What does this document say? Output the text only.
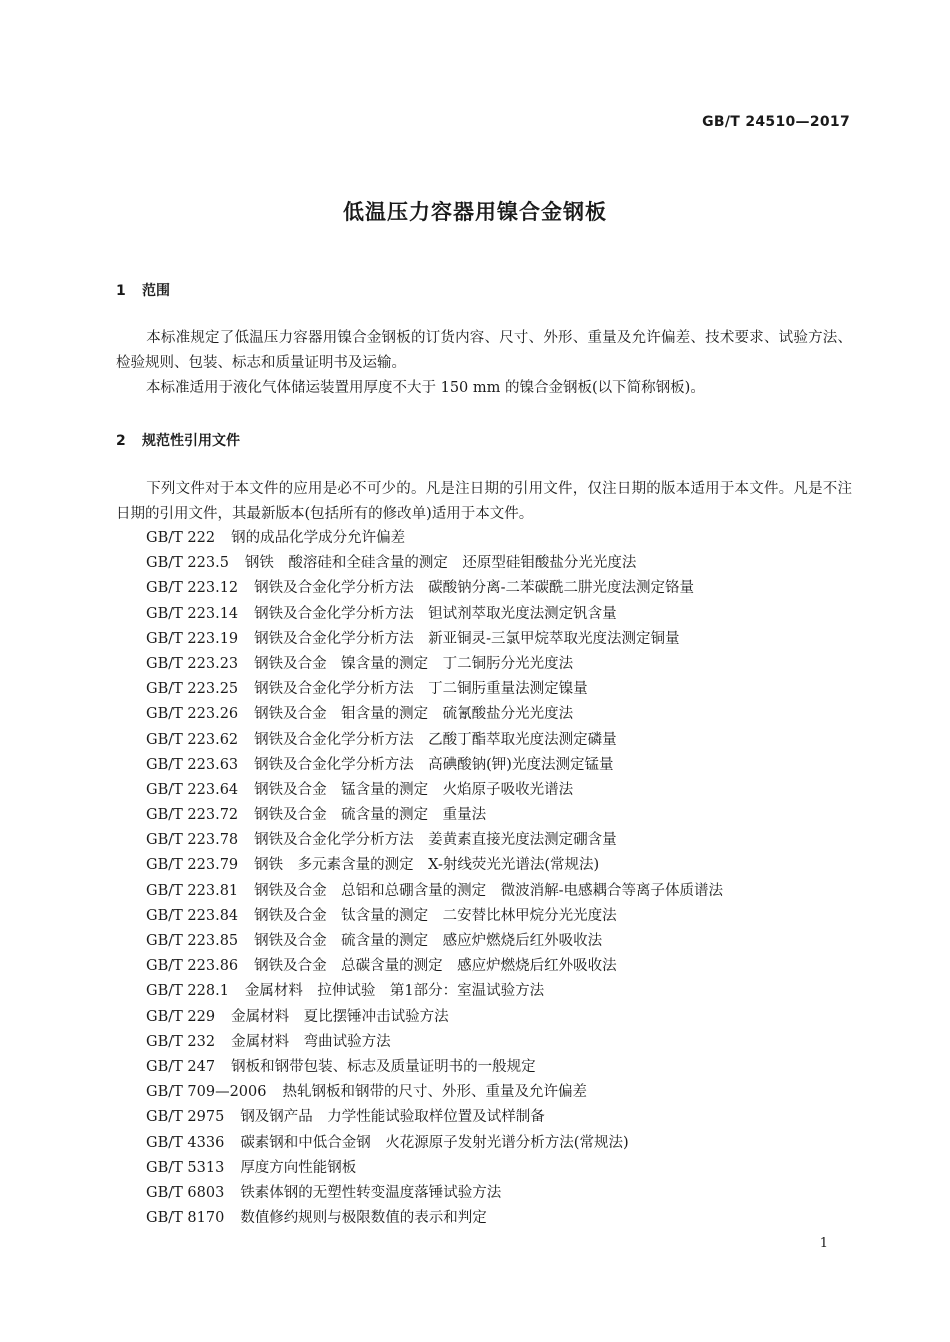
GB/T 24510—2017
低温压力容器用镍合金钢板
1 范围
本标准规定了低温压力容器用镍合金钢板的订货内容、尺寸、外形、重量及允许偏差、技术要求、试验方法、检验规则、包装、标志和质量证明书及运输。
本标准适用于液化气体储运装置用厚度不大于 150 mm 的镍合金钢板(以下简称钢板)。
2 规范性引用文件
下列文件对于本文件的应用是必不可少的。凡是注日期的引用文件，仅注日期的版本适用于本文件。凡是不注日期的引用文件，其最新版本(包括所有的修改单)适用于本文件。
GB/T 222 钢的成品化学成分允许偏差
GB/T 223.5 钢铁　酸溶硅和全硅含量的测定　还原型硅钼酸盐分光光度法
GB/T 223.12 钢铁及合金化学分析方法　碳酸钠分离-二苯碳酰二肼光度法测定铬量
GB/T 223.14 钢铁及合金化学分析方法　钽试剂萃取光度法测定钒含量
GB/T 223.19 钢铁及合金化学分析方法　新亚铜灵-三氯甲烷萃取光度法测定铜量
GB/T 223.23 钢铁及合金　镍含量的测定　丁二铜肟分光光度法
GB/T 223.25 钢铁及合金化学分析方法　丁二铜肟重量法测定镍量
GB/T 223.26 钢铁及合金　钼含量的测定　硫氰酸盐分光光度法
GB/T 223.62 钢铁及合金化学分析方法　乙酸丁酯萃取光度法测定磷量
GB/T 223.63 钢铁及合金化学分析方法　高碘酸钠(钾)光度法测定锰量
GB/T 223.64 钢铁及合金　锰含量的测定　火焰原子吸收光谱法
GB/T 223.72 钢铁及合金　硫含量的测定　重量法
GB/T 223.78 钢铁及合金化学分析方法　姜黄素直接光度法测定硼含量
GB/T 223.79 钢铁　多元素含量的测定　X-射线荧光光谱法(常规法)
GB/T 223.81 钢铁及合金　总铝和总硼含量的测定　微波消解-电感耦合等离子体质谱法
GB/T 223.84 钢铁及合金　钛含量的测定　二安替比林甲烷分光光度法
GB/T 223.85 钢铁及合金　硫含量的测定　感应炉燃烧后红外吸收法
GB/T 223.86 钢铁及合金　总碳含量的测定　感应炉燃烧后红外吸收法
GB/T 228.1 金属材料　拉伸试验　第1部分：室温试验方法
GB/T 229 金属材料　夏比摆锤冲击试验方法
GB/T 232 金属材料　弯曲试验方法
GB/T 247 钢板和钢带包装、标志及质量证明书的一般规定
GB/T 709—2006 热轧钢板和钢带的尺寸、外形、重量及允许偏差
GB/T 2975 钢及钢产品　力学性能试验取样位置及试样制备
GB/T 4336 碳素钢和中低合金钢　火花源原子发射光谱分析方法(常规法)
GB/T 5313 厚度方向性能钢板
GB/T 6803 铁素体钢的无塑性转变温度落锤试验方法
GB/T 8170 数值修约规则与极限数值的表示和判定
1
